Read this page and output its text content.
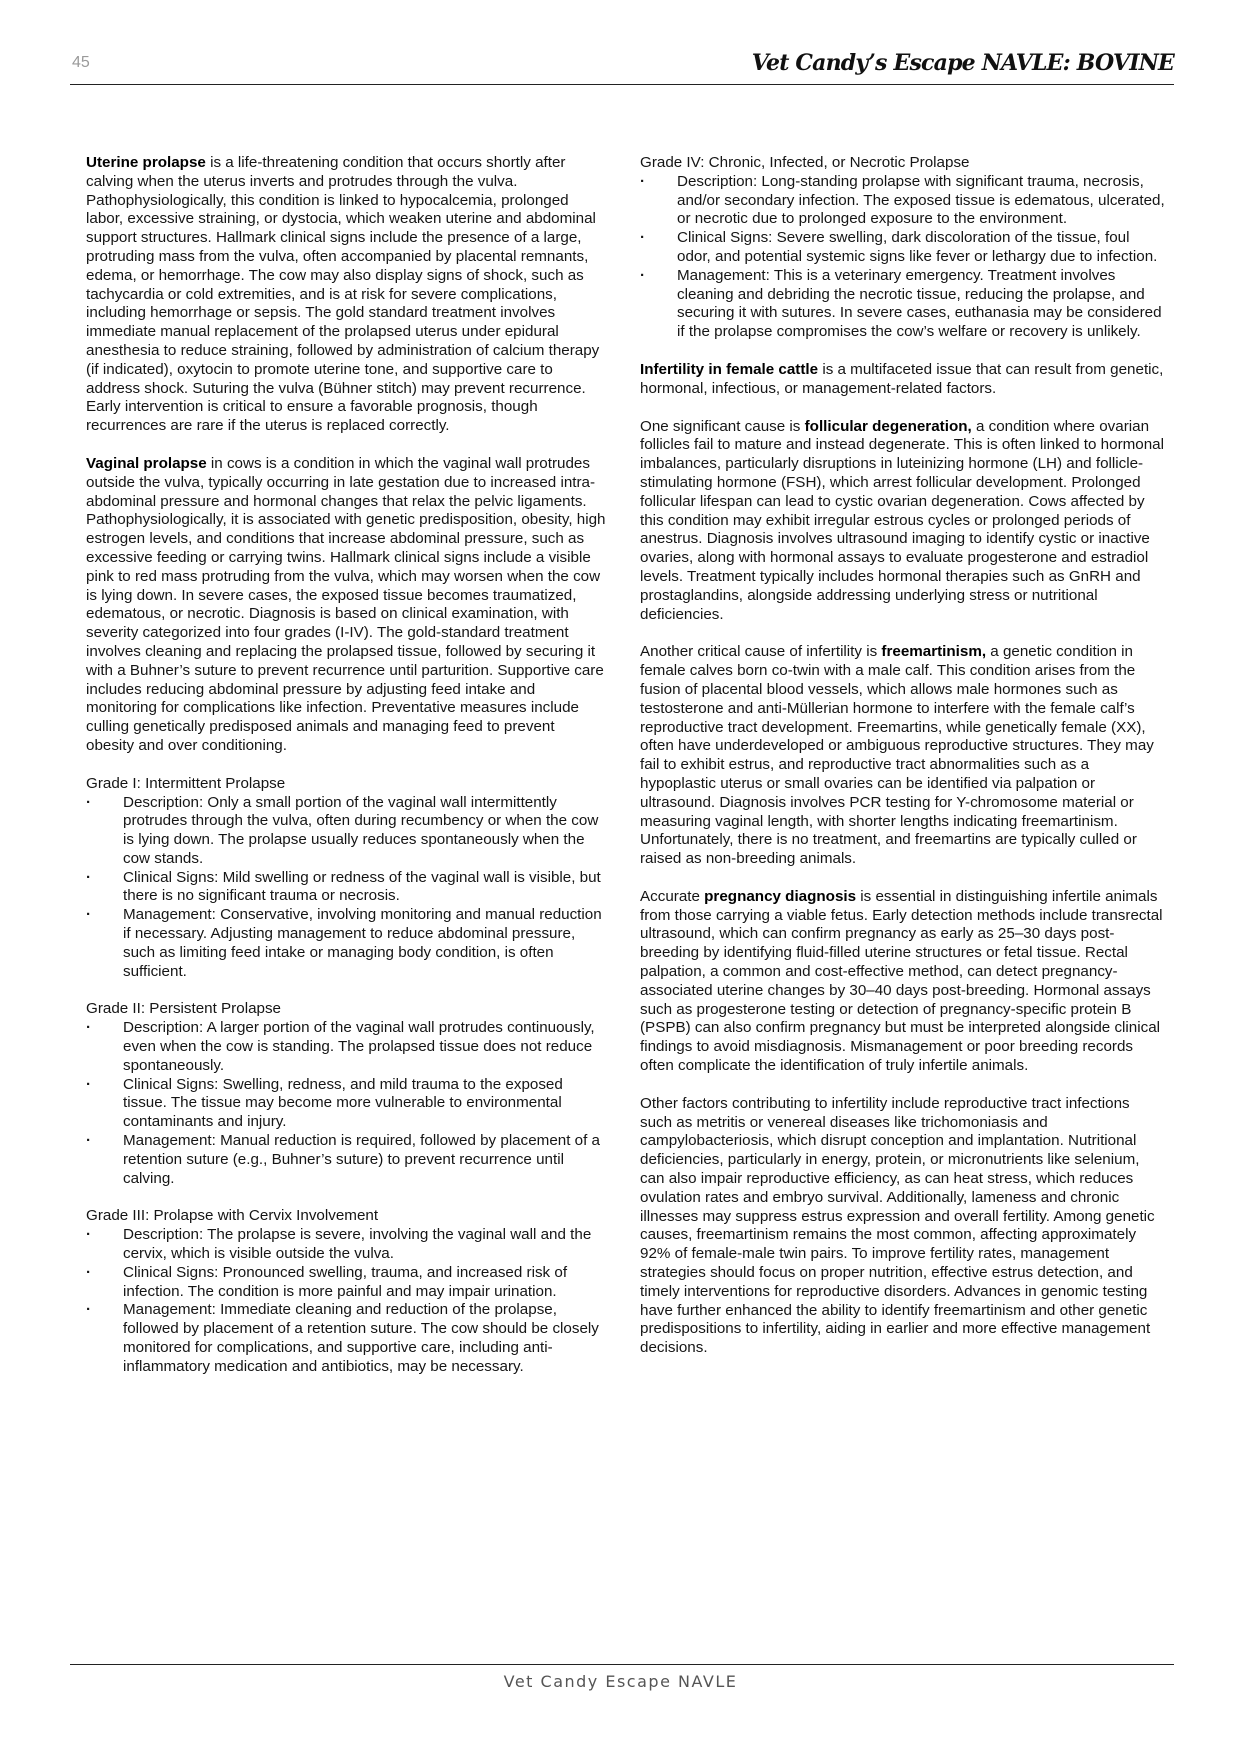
45	Vet Candy’s Escape NAVLE: BOVINE

Uterine prolapse is a life-threatening condition that occurs shortly after calving when the uterus inverts and protrudes through the vulva. Pathophysiologically, this condition is linked to hypocalcemia, prolonged labor, excessive straining, or dystocia, which weaken uterine and abdominal support structures. Hallmark clinical signs include the presence of a large, protruding mass from the vulva, often accompanied by placental remnants, edema, or hemorrhage. The cow may also display signs of shock, such as tachycardia or cold extremities, and is at risk for severe complications, including hemorrhage or sepsis. The gold standard treatment involves immediate manual replacement of the prolapsed uterus under epidural anesthesia to reduce straining, followed by administration of calcium therapy (if indicated), oxytocin to promote uterine tone, and supportive care to address shock. Suturing the vulva (Bühner stitch) may prevent recurrence. Early intervention is critical to ensure a favorable prognosis, though recurrences are rare if the uterus is replaced correctly.

Vaginal prolapse in cows is a condition in which the vaginal wall protrudes outside the vulva, typically occurring in late gestation due to increased intra-abdominal pressure and hormonal changes that relax the pelvic ligaments. Pathophysiologically, it is associated with genetic predisposition, obesity, high estrogen levels, and conditions that increase abdominal pressure, such as excessive feeding or carrying twins. Hallmark clinical signs include a visible pink to red mass protruding from the vulva, which may worsen when the cow is lying down. In severe cases, the exposed tissue becomes traumatized, edematous, or necrotic. Diagnosis is based on clinical examination, with severity categorized into four grades (I-IV). The gold-standard treatment involves cleaning and replacing the prolapsed tissue, followed by securing it with a Buhner’s suture to prevent recurrence until parturition. Supportive care includes reducing abdominal pressure by adjusting feed intake and monitoring for complications like infection. Preventative measures include culling genetically predisposed animals and managing feed to prevent obesity and over conditioning.

Grade I: Intermittent Prolapse
· Description: Only a small portion of the vaginal wall intermittently protrudes through the vulva, often during recumbency or when the cow is lying down. The prolapse usually reduces spontaneously when the cow stands.
· Clinical Signs: Mild swelling or redness of the vaginal wall is visible, but there is no significant trauma or necrosis.
· Management: Conservative, involving monitoring and manual reduction if necessary. Adjusting management to reduce abdominal pressure, such as limiting feed intake or managing body condition, is often sufficient.
Grade II: Persistent Prolapse
· Description: A larger portion of the vaginal wall protrudes continuously, even when the cow is standing. The prolapsed tissue does not reduce spontaneously.
· Clinical Signs: Swelling, redness, and mild trauma to the exposed tissue. The tissue may become more vulnerable to environmental contaminants and injury.
· Management: Manual reduction is required, followed by placement of a retention suture (e.g., Buhner’s suture) to prevent recurrence until calving.
Grade III: Prolapse with Cervix Involvement
· Description: The prolapse is severe, involving the vaginal wall and the cervix, which is visible outside the vulva.
· Clinical Signs: Pronounced swelling, trauma, and increased risk of infection. The condition is more painful and may impair urination.
· Management: Immediate cleaning and reduction of the prolapse, followed by placement of a retention suture. The cow should be closely monitored for complications, and supportive care, including anti-inflammatory medication and antibiotics, may be necessary.
Grade IV: Chronic, Infected, or Necrotic Prolapse
· Description: Long-standing prolapse with significant trauma, necrosis, and/or secondary infection. The exposed tissue is edematous, ulcerated, or necrotic due to prolonged exposure to the environment.
· Clinical Signs: Severe swelling, dark discoloration of the tissue, foul odor, and potential systemic signs like fever or lethargy due to infection.
· Management: This is a veterinary emergency. Treatment involves cleaning and debriding the necrotic tissue, reducing the prolapse, and securing it with sutures. In severe cases, euthanasia may be considered if the prolapse compromises the cow’s welfare or recovery is unlikely.

Infertility in female cattle is a multifaceted issue that can result from genetic, hormonal, infectious, or management-related factors.

One significant cause is follicular degeneration, a condition where ovarian follicles fail to mature and instead degenerate. This is often linked to hormonal imbalances, particularly disruptions in luteinizing hormone (LH) and follicle-stimulating hormone (FSH), which arrest follicular development. Prolonged follicular lifespan can lead to cystic ovarian degeneration. Cows affected by this condition may exhibit irregular estrous cycles or prolonged periods of anestrus. Diagnosis involves ultrasound imaging to identify cystic or inactive ovaries, along with hormonal assays to evaluate progesterone and estradiol levels. Treatment typically includes hormonal therapies such as GnRH and prostaglandins, alongside addressing underlying stress or nutritional deficiencies.

Another critical cause of infertility is freemartinism, a genetic condition in female calves born co-twin with a male calf. This condition arises from the fusion of placental blood vessels, which allows male hormones such as testosterone and anti-Müllerian hormone to interfere with the female calf’s reproductive tract development. Freemartins, while genetically female (XX), often have underdeveloped or ambiguous reproductive structures. They may fail to exhibit estrus, and reproductive tract abnormalities such as a hypoplastic uterus or small ovaries can be identified via palpation or ultrasound. Diagnosis involves PCR testing for Y-chromosome material or measuring vaginal length, with shorter lengths indicating freemartinism. Unfortunately, there is no treatment, and freemartins are typically culled or raised as non-breeding animals.

Accurate pregnancy diagnosis is essential in distinguishing infertile animals from those carrying a viable fetus. Early detection methods include transrectal ultrasound, which can confirm pregnancy as early as 25–30 days post-breeding by identifying fluid-filled uterine structures or fetal tissue. Rectal palpation, a common and cost-effective method, can detect pregnancy-associated uterine changes by 30–40 days post-breeding. Hormonal assays such as progesterone testing or detection of pregnancy-specific protein B (PSPB) can also confirm pregnancy but must be interpreted alongside clinical findings to avoid misdiagnosis. Mismanagement or poor breeding records often complicate the identification of truly infertile animals.

Other factors contributing to infertility include reproductive tract infections such as metritis or venereal diseases like trichomoniasis and campylobacteriosis, which disrupt conception and implantation. Nutritional deficiencies, particularly in energy, protein, or micronutrients like selenium, can also impair reproductive efficiency, as can heat stress, which reduces ovulation rates and embryo survival. Additionally, lameness and chronic illnesses may suppress estrus expression and overall fertility. Among genetic causes, freemartinism remains the most common, affecting approximately 92% of female-male twin pairs. To improve fertility rates, management strategies should focus on proper nutrition, effective estrus detection, and timely interventions for reproductive disorders. Advances in genomic testing have further enhanced the ability to identify freemartinism and other genetic predispositions to infertility, aiding in earlier and more effective management decisions.

Vet Candy Escape NAVLE
